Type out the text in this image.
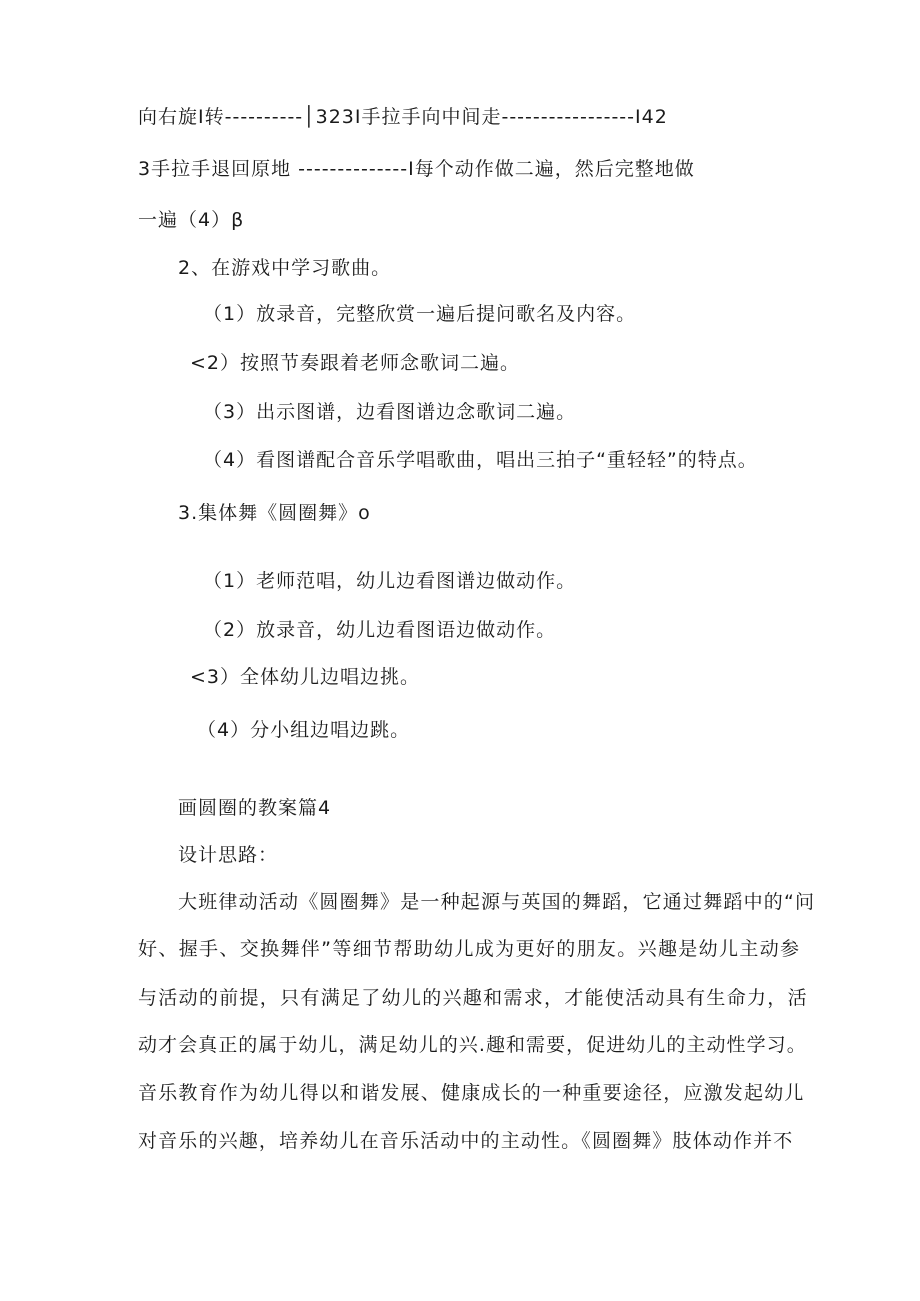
向右旋I转----------│323I手拉手向中间走-----------------I42
3手拉手退回原地 --------------I每个动作做二遍，然后完整地做
一遍（4）β
2、在游戏中学习歌曲。
（1）放录音，完整欣赏一遍后提问歌名及内容。
<2）按照节奏跟着老师念歌词二遍。
（3）出示图谱，边看图谱边念歌词二遍。
（4）看图谱配合音乐学唱歌曲，唱出三拍子“重轻轻”的特点。
3.集体舞《圆圈舞》o
（1）老师范唱，幼儿边看图谱边做动作。
（2）放录音，幼儿边看图语边做动作。
<3）全体幼儿边唱边挑。
（4）分小组边唱边跳。
画圆圈的教案篇4
设计思路：
大班律动活动《圆圈舞》是一种起源与英国的舞蹈，它通过舞蹈中的“问
好、握手、交换舞伴”等细节帮助幼儿成为更好的朋友。兴趣是幼儿主动参
与活动的前提，只有满足了幼儿的兴趣和需求，才能使活动具有生命力，活
动才会真正的属于幼儿，满足幼儿的兴.趣和需要，促进幼儿的主动性学习。
音乐教育作为幼儿得以和谐发展、健康成长的一种重要途径，应激发起幼儿
对音乐的兴趣，培养幼儿在音乐活动中的主动性。《圆圈舞》肢体动作并不
